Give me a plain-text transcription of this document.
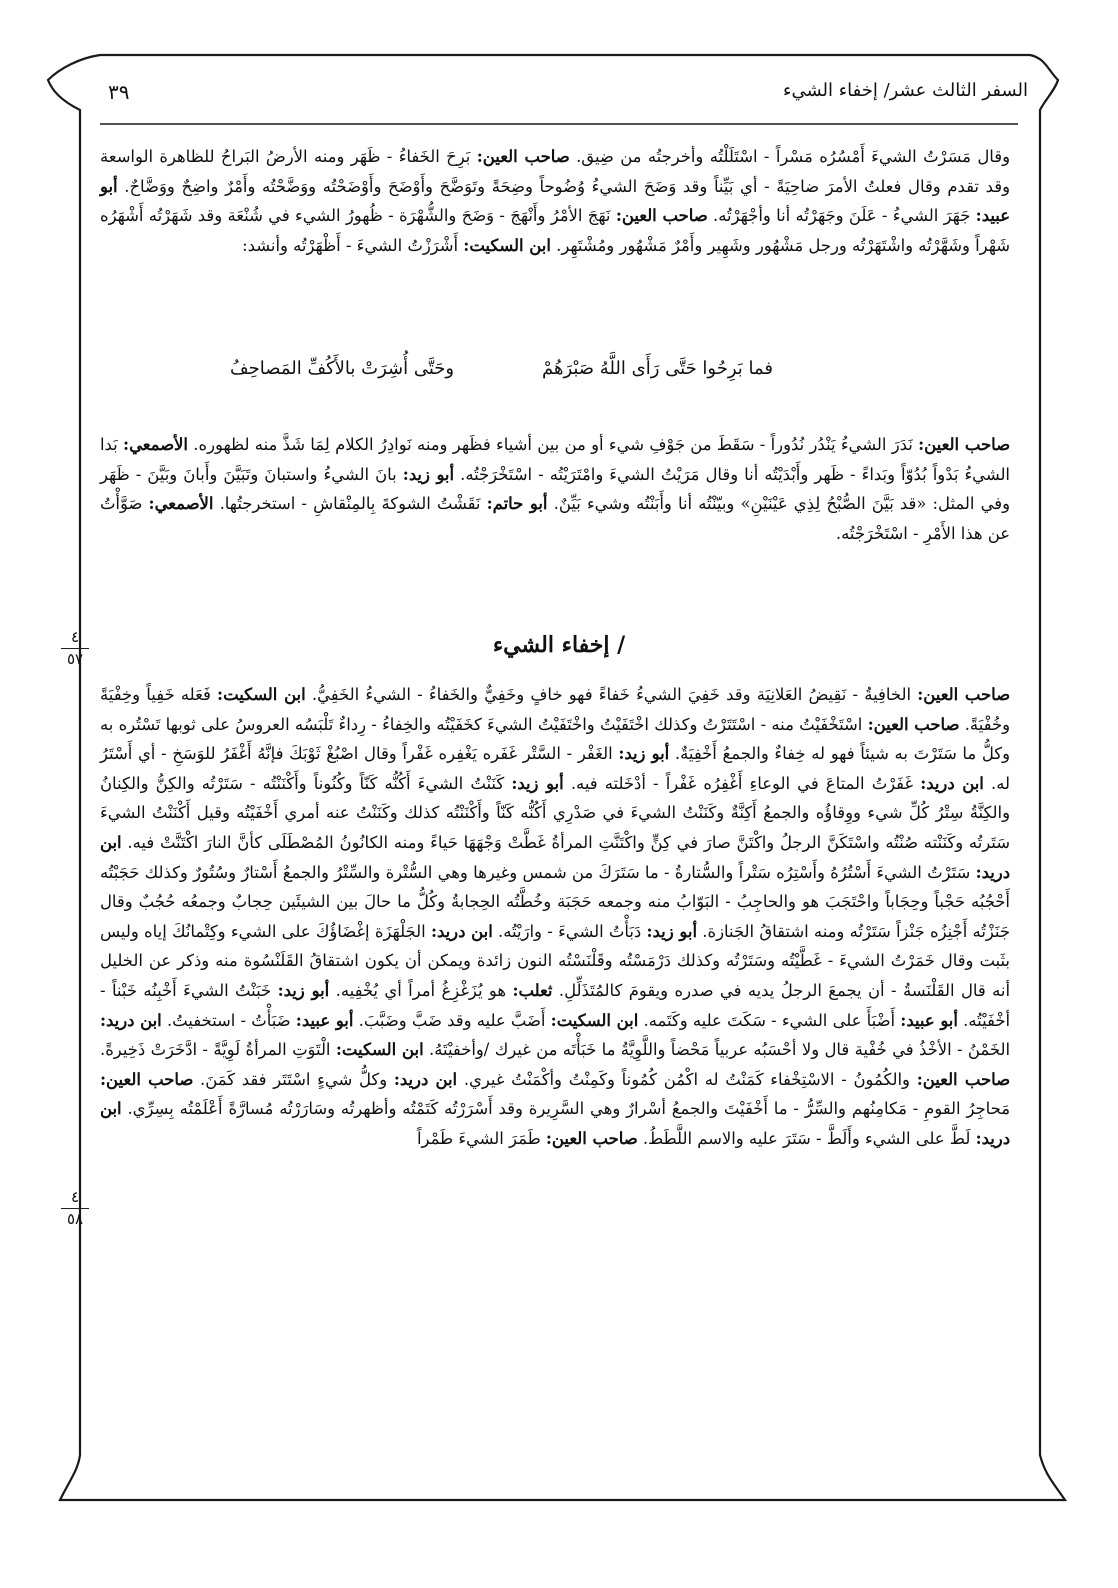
السفر الثالث عشر/ إخفاء الشيء
٣٩
وقال مَسَرْتُ الشيءَ أَمْسُرُه مَسْراً - اسْتَلَلْتُه وأخرجتُه من ضِيق. صاحب العين: بَرِحَ الخَفاءُ - ظَهَر ومنه الأرضُ البَراحُ للظاهرة الواسعة وقد تقدم وقال فعلتُ الأمرَ ضاحِيَةً - أي بَيِّناً وقد وَضَحَ الشيءُ وُضُوحاً وضِحَةً وتَوَضَّحَ وأَوْضَحَ وأَوْضَحْتُه ووَضَّحْتُه وأَمْرٌ واضِحٌ ووَضَّاحٌ. أبو عبيد: جَهَرَ الشيءُ - عَلَنَ وجَهَرْتُه أنا وأجْهَرْتُه. صاحب العين: نَهَجَ الأمْرُ وأَنْهَجَ - وَضَحَ والشُّهْرَة - ظُهورُ الشيء في شُنْعَة وقد شَهَرْتُه أَشْهَرُه شَهْراً وشَهَّرْتُه واشْتَهَرْتُه ورجل مَشْهُور وشَهِير وأَمْرٌ مَشْهُور ومُشْتَهِر. ابن السكيت: أَشْرَزْتُ الشيءَ - أَظْهَرْتُه وأنشد:
فما بَرِحُوا حَتَّى رَأَى اللَّهُ صَبْرَهُمْ
وحَتَّى أُشِرَتْ بالأَكُفِّ المَصاحِفُ
صاحب العين: نَدَرَ الشيءُ يَنْدُر نُدُوراً - سَقَطَ من جَوْفِ شيء أو من بين أشياء فظَهر ومنه نَوادِرُ الكلام لِمَا شَذَّ منه لظهوره. الأصمعي: بَدا الشيءُ بَدْواً بُدُوّاً وبَداءً - ظَهر وأَبْدَيْتُه أنا وقال مَرَيْتُ الشيءَ وامْتَرَيْتُه - اسْتَخْرَجْتُه. أبو زيد: بانَ الشيءُ واستبانَ وتَبَيَّنَ وأَبانَ وبَيَّنَ - ظَهَر وفي المثل: «قد بَيَّنَ الصُّبْحُ لِذِي عَيْنَيْنِ» وبيّنْتُه أنا وأَبَنْتُه وشيء بَيِّنٌ. أبو حاتم: نَقَشْتُ الشوكةَ بِالمِنْقاشِ - استخرجتُها. الأصمعي: صَوَّأْتُ عن هذا الأَمْرِ - اسْتَخْرَجْتُه.
٤
٥٧
/ إخفاء الشيء
صاحب العين: الخافِيةُ - نَقِيضُ العَلانِيَة وقد خَفِيَ الشيءُ خَفاءً فهو خافٍ وخَفِيٌّ والخَفاءُ - الشيءُ الخَفِيُّ. ابن السكيت: فَعَله خَفِياً وخِفْيَةً وخُفْيَةً. صاحب العين: اسْتَخْفَيْتُ منه - اسْتَتَرْتُ وكذلك اخْتَفَيْتُ واخْتَفَيْتُ الشيءَ كخَفَيْتُه والخِفاءُ - رِداءٌ تَلْبَسُه العروسُ على ثوبها تَسْتُره به وكلُّ ما سَتَرْتَ به شيئاً فهو له خِفاءٌ والجمعُ أَخْفِيَةٌ. أبو زيد: الغَفْر - السَّتْر غَفَره يَغْفِره غَفْراً وقال اصْبُغْ ثَوْبَكَ فإنَّهُ أَغْفَرُ للوَسَخِ - أي أَسْتَرُ له. ابن دريد: غَفَرْتُ المتاعَ في الوعاءِ أَغْفِرُه غَفْراً - أدْخَلته فيه. أبو زيد: كَنَنْتُ الشيءَ أَكُنُّه كَنّاً وكُنُوناً وأَكْنَنْتُه - سَتَرْتُه والكِنُّ والكِنانُ والكِنَّةُ سِتْرُ كُلِّ شيء ووِقاؤُه والجمعُ أَكِنَّةٌ وكَنَنْتُ الشيءَ في صَدْرِي أَكُنُّه كَنّاً وأَكْنَنْتُه كذلك وكَنَنْتُ عنه أمري أَخْفَيْتُه وقيل أَكْنَنْتُ الشيءَ سَتَرتُه وكَنَنْته صُنْتُه واسْتَكَنَّ الرجلُ واكْتَنَّ صارَ في كِنٍّ واكْتَنَّتِ المرأةُ غَطَّتْ وَجْهَهَا حَياءً ومنه الكانُونُ المُصْطَلَى كأنَّ النارَ اكْتَنَّتْ فيه. ابن دريد: سَتَرْتُ الشيءَ أَسْتُرُهُ وأَسْتِرُه سَتْراً والسُّتارةُ - ما سَتَرَكَ من شمس وغيرها وهي السُّتْرة والسِّتْرُ والجمعُ أَسْتارٌ وسُتُورٌ وكذلك حَجَبْتُه أَحْجُبُه حَجْباً وحِجَاباً واحْتَجَبَ هو والحاجِبُ - البَوّابُ منه وجمعه حَجَبَة وخُطَّتُه الحِجابةُ وكُلُّ ما حالَ بين الشيئَين حِجابٌ وجمعُه حُجُبٌ وقال جَنَزْتُه أَجْنِزُه جَنْزاً سَتَرْتُه ومنه اشتقاقُ الجَنازة. أبو زيد: دَبَأْتُ الشيءَ - وارَيْتُه. ابن دريد: الجَلْهَزَة إغْضَاؤُكَ على الشيء وكِتْمانُكَ إياه وليس بثَبت وقال خَمَرْتُ الشيءَ - غَطَّيْتُه وسَتَرْتُه وكذلك دَرْمَسْتُه وقَلْنَسْتُه النون زائدة ويمكن أن يكون اشتقاقُ القَلَنْسُوة منه وذكر عن الخليل أنه قال القَلْنَسةُ - أن يجمعَ الرجلُ يديه في صدره ويقومَ كالمُتَذَلِّلِ. ثعلب: هو يُزَغْزِغُ أمراً أي يُخْفِيه. أبو زيد: خَبَنْتُ الشيءَ أَخْبِنُه خَبْناً - أخْفَيْتُه. أبو عبيد: أَضْبَأَ على الشيء - سَكَتَ عليه وكَتَمه. ابن السكيت: أَضَبَّ عليه وقد ضَبَّ وضَبَّبَ. أبو عبيد: ضَبَأْتُ - استخفيتُ. ابن دريد: الخَمْنُ - الأخْذُ في خُفْية قال ولا أحْسَبُه عربياً مَحْضاً واللَّوِيَّةُ ما خَبَأْتَه من غيرك /وأخفيْتَهُ. ابن السكيت: الْتَوَتِ المرأةُ لَوِيَّةً - ادَّخَرَتْ ذَخِيرةً. صاحب العين: والكُمُونُ - الاسْتِخْفاء كَمَنْتُ له اكْمُن كُمُوناً وكَمِنْتُ وأكْمَنْتُ غيري. ابن دريد: وكلُّ شيءٍ اسْتَتَر فقد كَمَنَ. صاحب العين: مَحاجِرُ القومِ - مَكامِنُهم والسِّرُّ - ما أَخْفَيْتَ والجمعُ أسْرارٌ وهي السَّرِيرة وقد أَسْرَرْتُه كَتَمْتُه وأظهرتُه وسَارَرْتُه مُسارَّةً أَعْلَمْتُه بِسِرِّي. ابن دريد: لَطَّ على الشيء وأَلَطَّ - سَتَرَ عليه والاسم اللَّطَطُ. صاحب العين: طَمَرَ الشيءَ طَمْراً
٤
٥٨
